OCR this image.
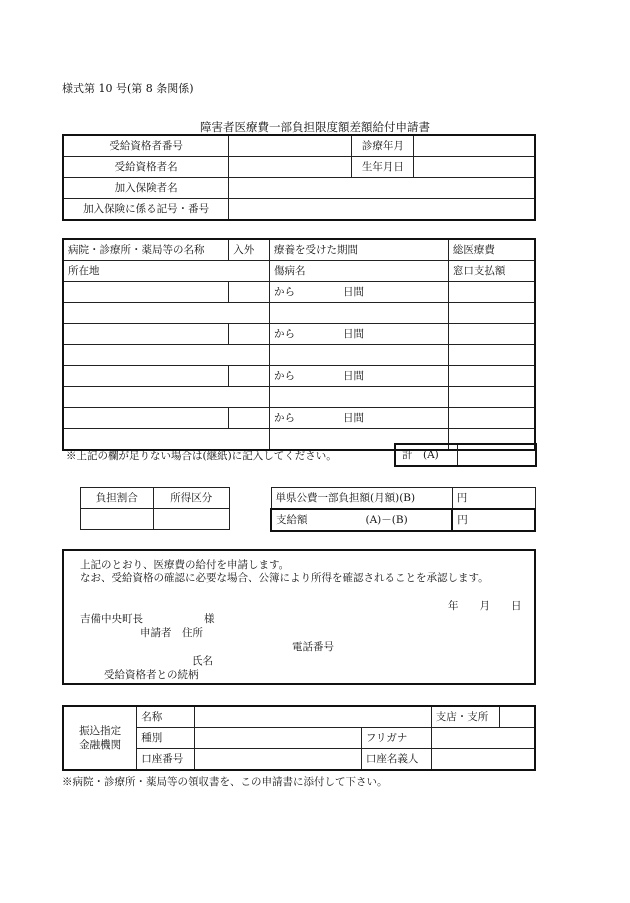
様式第 10 号(第 8 条関係)
障害者医療費一部負担限度額差額給付申請書
受給資格者番号		診療年月	
受給資格者名		生年月日	
加入保険者名			
加入保険に係る記号・番号			
病院・診療所・薬局等の名称	入外	療養を受けた期間	総医療費
所在地		傷病名	窓口支払額
		から 日間	

		から 日間	

		から 日間	

		から 日間	

※上記の欄が足りない場合は(継紙)に記入してください。	計　(A)
負担割合	所得区分
		単県公費一部負担額(月額)(B)	円
支給額 (A)－(B)	円
上記のとおり、医療費の給付を申請します。
なお、受給資格の確認に必要な場合、公簿により所得を確認されることを承認します。
年　　月　　日
吉備中央町長	様
申請者　住所
電話番号
氏名
受給資格者との続柄
振込指定
金融機関	名称			支店・支所
	種別		フリガナ	
	口座番号		口座名義人	
※病院・診療所・薬局等の領収書を、この申請書に添付して下さい。
